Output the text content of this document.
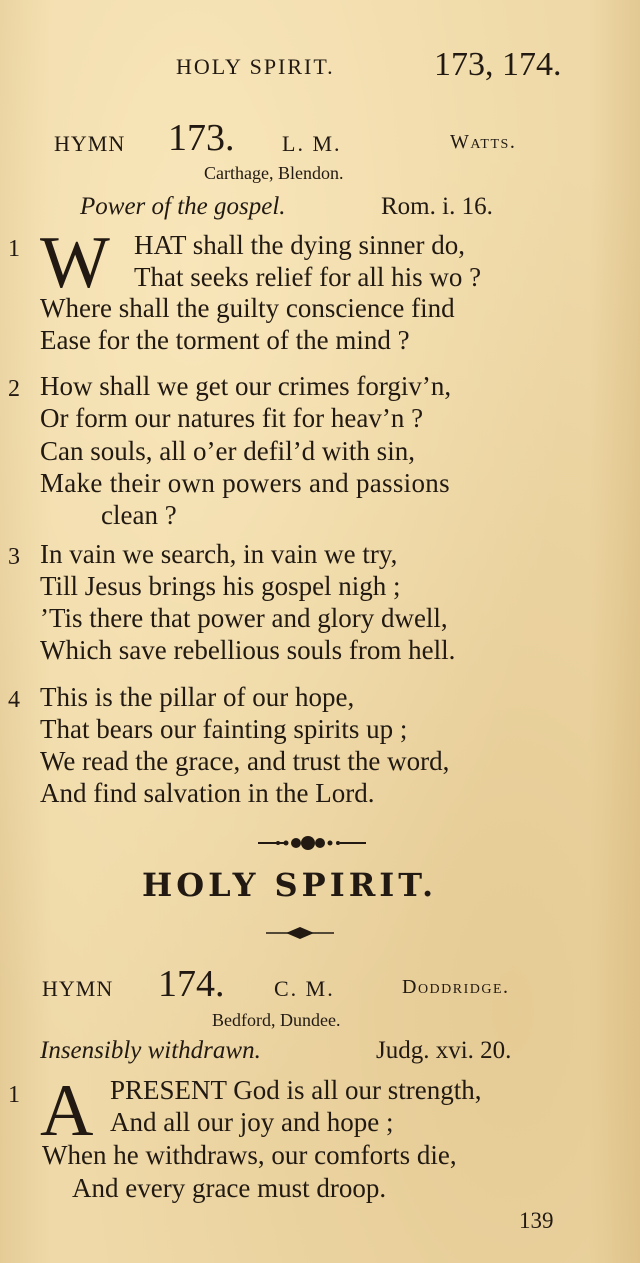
HOLY SPIRIT.	173, 174.
HYMN 173. L. M.	Watts.
Carthage, Blendon.
Power of the gospel.	Rom. i. 16.
1 W HAT shall the dying sinner do,
That seeks relief for all his wo ?
Where shall the guilty conscience find
Ease for the torment of the mind ?
2 How shall we get our crimes forgiv’n,
Or form our natures fit for heav’n ?
Can souls, all o’er defil’d with sin,
Make their own powers and passions
clean ?
3 In vain we search, in vain we try,
Till Jesus brings his gospel nigh ;
’Tis there that power and glory dwell,
Which save rebellious souls from hell.
4 This is the pillar of our hope,
That bears our fainting spirits up ;
We read the grace, and trust the word,
And find salvation in the Lord.
HOLY SPIRIT.
HYMN 174. C. M.	Doddridge.
Bedford, Dundee.
Insensibly withdrawn.	Judg. xvi. 20.
1 A PRESENT God is all our strength,
And all our joy and hope ;
When he withdraws, our comforts die,
And every grace must droop.
139
